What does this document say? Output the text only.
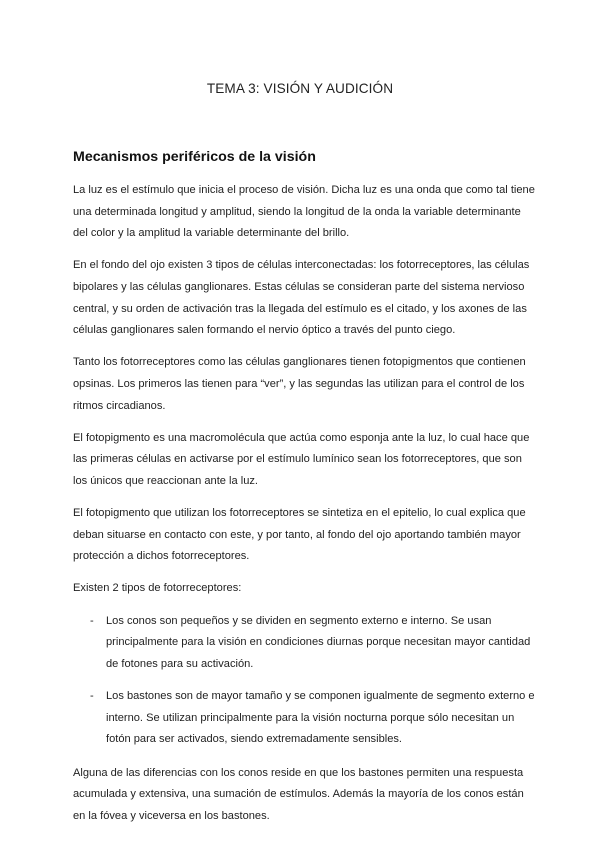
TEMA 3: VISIÓN Y AUDICIÓN
Mecanismos periféricos de la visión

La luz es el estímulo que inicia el proceso de visión. Dicha luz es una onda que como tal tiene una determinada longitud y amplitud, siendo la longitud de la onda la variable determinante del color y la amplitud la variable determinante del brillo.

En el fondo del ojo existen 3 tipos de células interconectadas: los fotorreceptores, las células bipolares y las células ganglionares. Estas células se consideran parte del sistema nervioso central, y su orden de activación tras la llegada del estímulo es el citado, y los axones de las células ganglionares salen formando el nervio óptico a través del punto ciego.

Tanto los fotorreceptores como las células ganglionares tienen fotopigmentos que contienen opsinas. Los primeros las tienen para “ver”, y las segundas las utilizan para el control de los ritmos circadianos.

El fotopigmento es una macromolécula que actúa como esponja ante la luz, lo cual hace que las primeras células en activarse por el estímulo lumínico sean los fotorreceptores, que son los únicos que reaccionan ante la luz.

El fotopigmento que utilizan los fotorreceptores se sintetiza en el epitelio, lo cual explica que deban situarse en contacto con este, y por tanto, al fondo del ojo aportando también mayor protección a dichos fotorreceptores.

Existen 2 tipos de fotorreceptores:

- Los conos son pequeños y se dividen en segmento externo e interno. Se usan principalmente para la visión en condiciones diurnas porque necesitan mayor cantidad de fotones para su activación.
- Los bastones son de mayor tamaño y se componen igualmente de segmento externo e interno. Se utilizan principalmente para la visión nocturna porque sólo necesitan un fotón para ser activados, siendo extremadamente sensibles.

Alguna de las diferencias con los conos reside en que los bastones permiten una respuesta acumulada y extensiva, una sumación de estímulos. Además la mayoría de los conos están en la fóvea y viceversa en los bastones.
